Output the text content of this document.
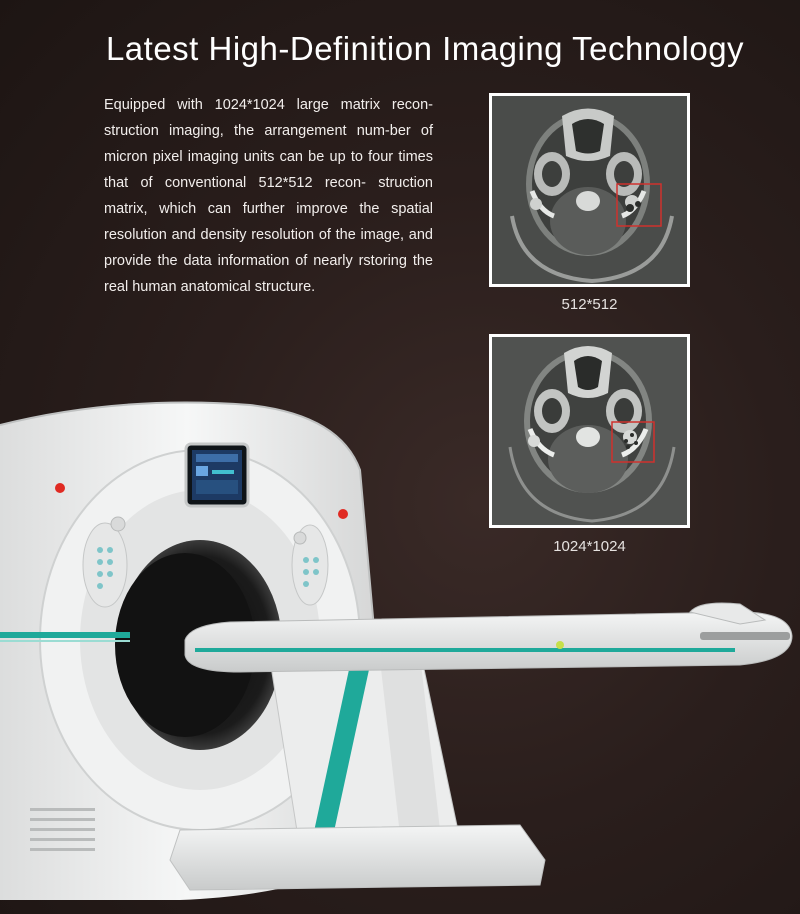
Latest High-Definition Imaging Technology

Equipped with 1024*1024 large matrix recon- struction imaging, the arrangement num-ber of micron pixel imaging units can be up to four times that of conventional 512*512 recon- struction matrix, which can further improve the spatial resolution and density resolution of the image, and provide the data information of nearly rstoring the real human anatomical structure.

512*512
1024*1024
